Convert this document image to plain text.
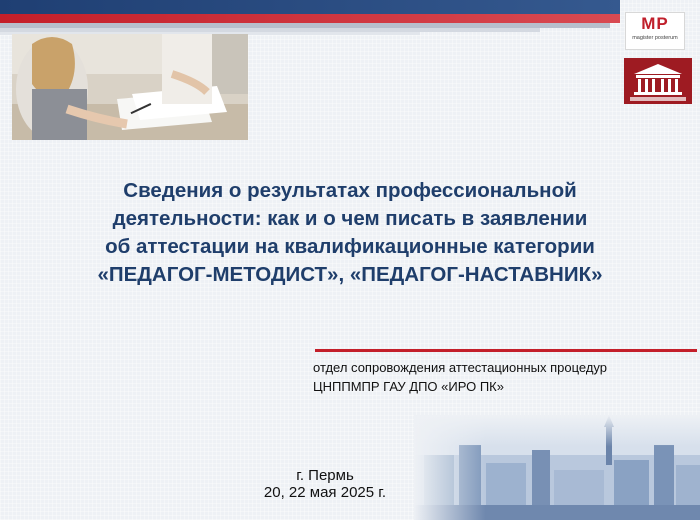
MP
magister posterum
Сведения о результатах профессиональной
деятельности: как и о чем писать в заявлении
об аттестации на квалификационные категории
«ПЕДАГОГ-МЕТОДИСТ», «ПЕДАГОГ-НАСТАВНИК»
отдел сопровождения аттестационных процедур
ЦНППМПР ГАУ ДПО «ИРО ПК»
г. Пермь
20, 22 мая 2025 г.
